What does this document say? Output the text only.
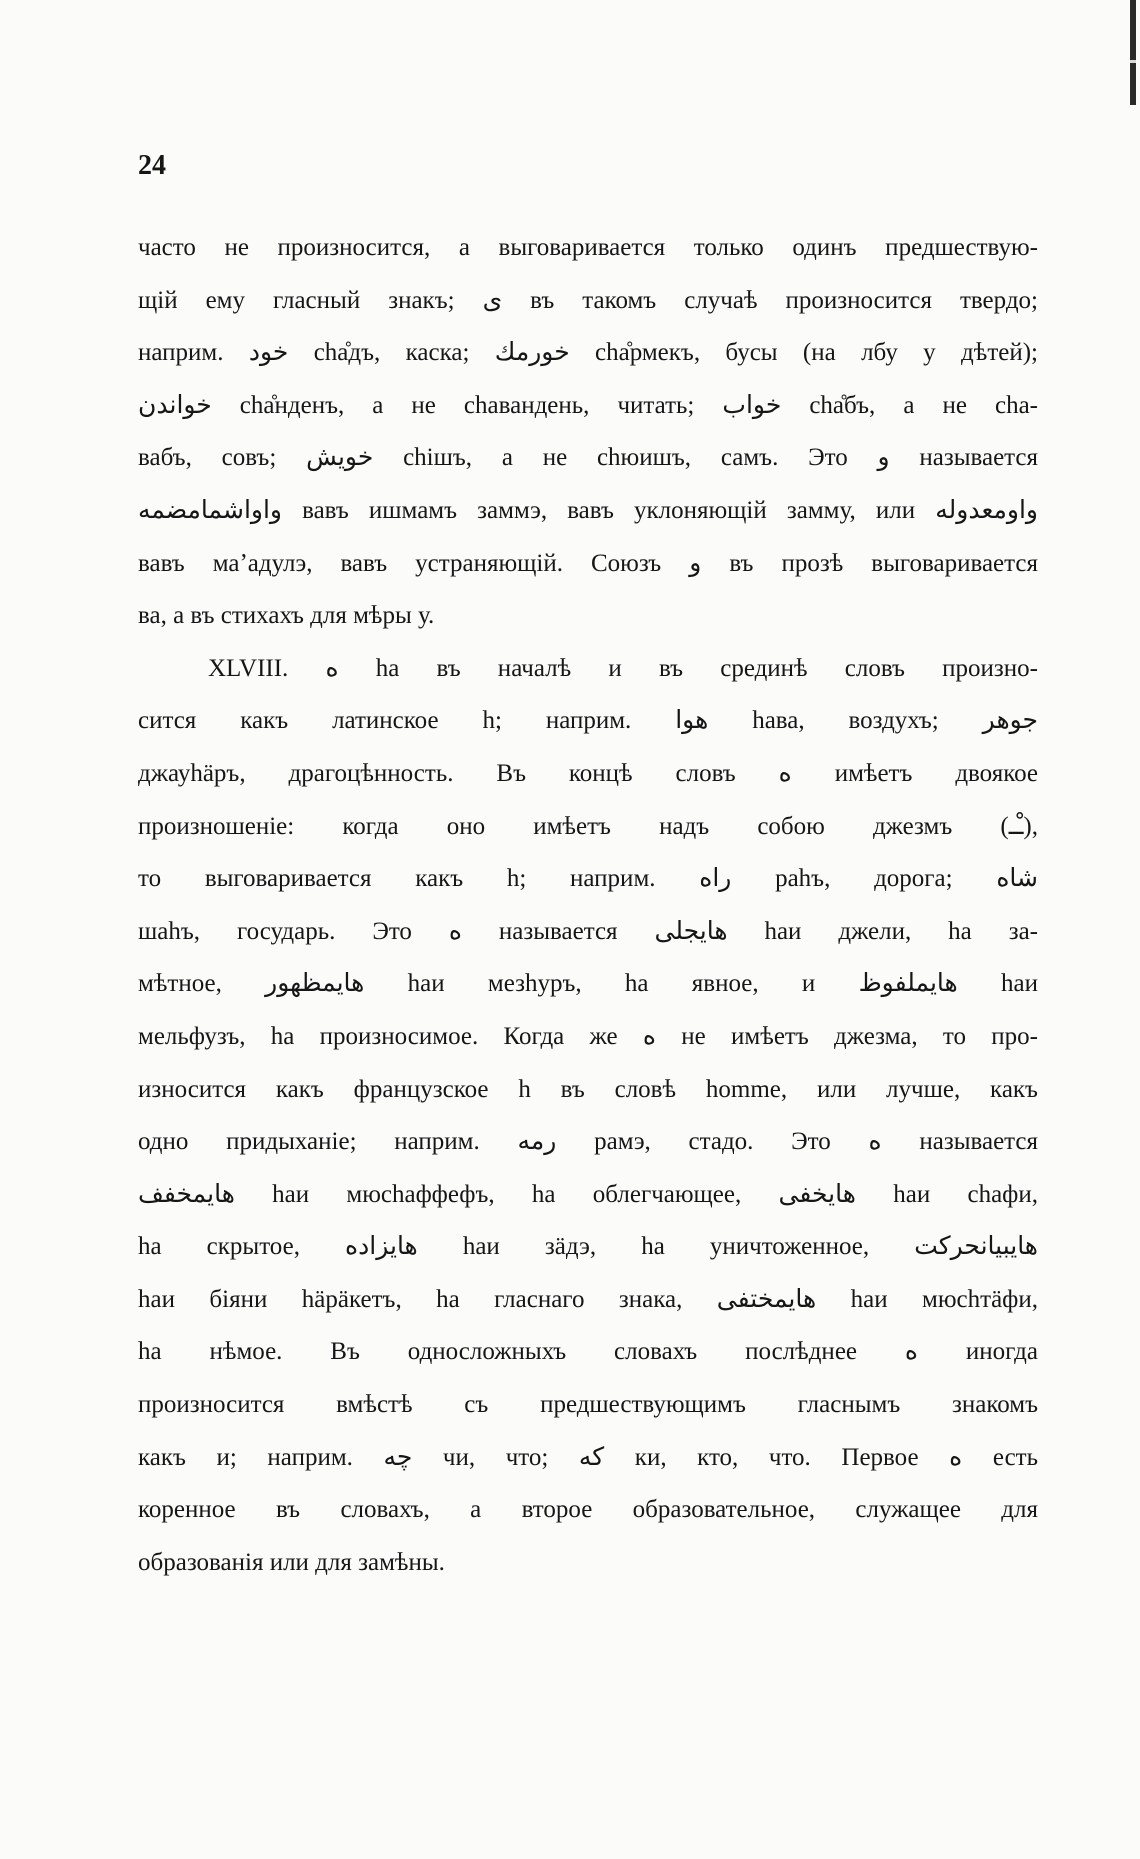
24
часто не произносится, а выговаривается только одинъ предшествую-
щій ему гласный знакъ; ی въ такомъ случаѣ произносится твердо;
наприм. خود chа̊дъ, каска; خورمك chа̊рмекъ, бусы (на лбу у дѣтей);
خواندن chа̊нденъ, а не chавандень, читать; خواب chа̊бъ, а не chа-
вабъ, совъ; خویش chiшъ, а не chюишъ, самъ. Это و называется
واواشمامضمه вавъ ишмамъ заммэ, вавъ уклоняющій замму, или واومعدوله
вавъ маʼадулэ, вавъ устраняющій. Союзъ و въ прозѣ выговаривается
ва, а въ стихахъ для мѣры у.
XLVIII. ه ha въ началѣ и въ срединѣ словъ произно-
сится какъ латинское h; наприм. هوا hава, воздухъ; جوهر
джауhäръ, драгоцѣнность. Въ концѣ словъ ه имѣетъ двоякое
произношеніе: когда оно имѣетъ надъ собою джезмъ (ـْـ),
то выговаривается какъ h; наприм. راه раhъ, дорога; شاه
шаhъ, государь. Это ه называется هایجلی hаи джели, hа за-
мѣтное, هایمظهور hаи мезhуръ, hа явное, и هایملفوظ hаи
мельфузъ, hа произносимое. Когда же ه не имѣетъ джезма, то про-
износится какъ французское h въ словѣ homme, или лучше, какъ
одно придыханіе; наприм. رمه рамэ, стадо. Это ه называется
هایمخفف hаи мюсhаффефъ, hа облегчающее, هایخفی hаи chафи,
hа скрытое, هایزاده hаи зäдэ, hа уничтоженное, هایبیانحرکت
hаи біяни häрäкетъ, hа гласнаго знака, هایمختفی hаи мюсhтäфи,
hа нѣмое. Въ односложныхъ словахъ послѣднее ه иногда
произносится вмѣстѣ съ предшествующимъ гласнымъ знакомъ
какъ и; наприм. چه чи, что; كه ки, кто, что. Первое ه есть
коренное въ словахъ, а второе образовательное, служащее для
образованія или для замѣны.
